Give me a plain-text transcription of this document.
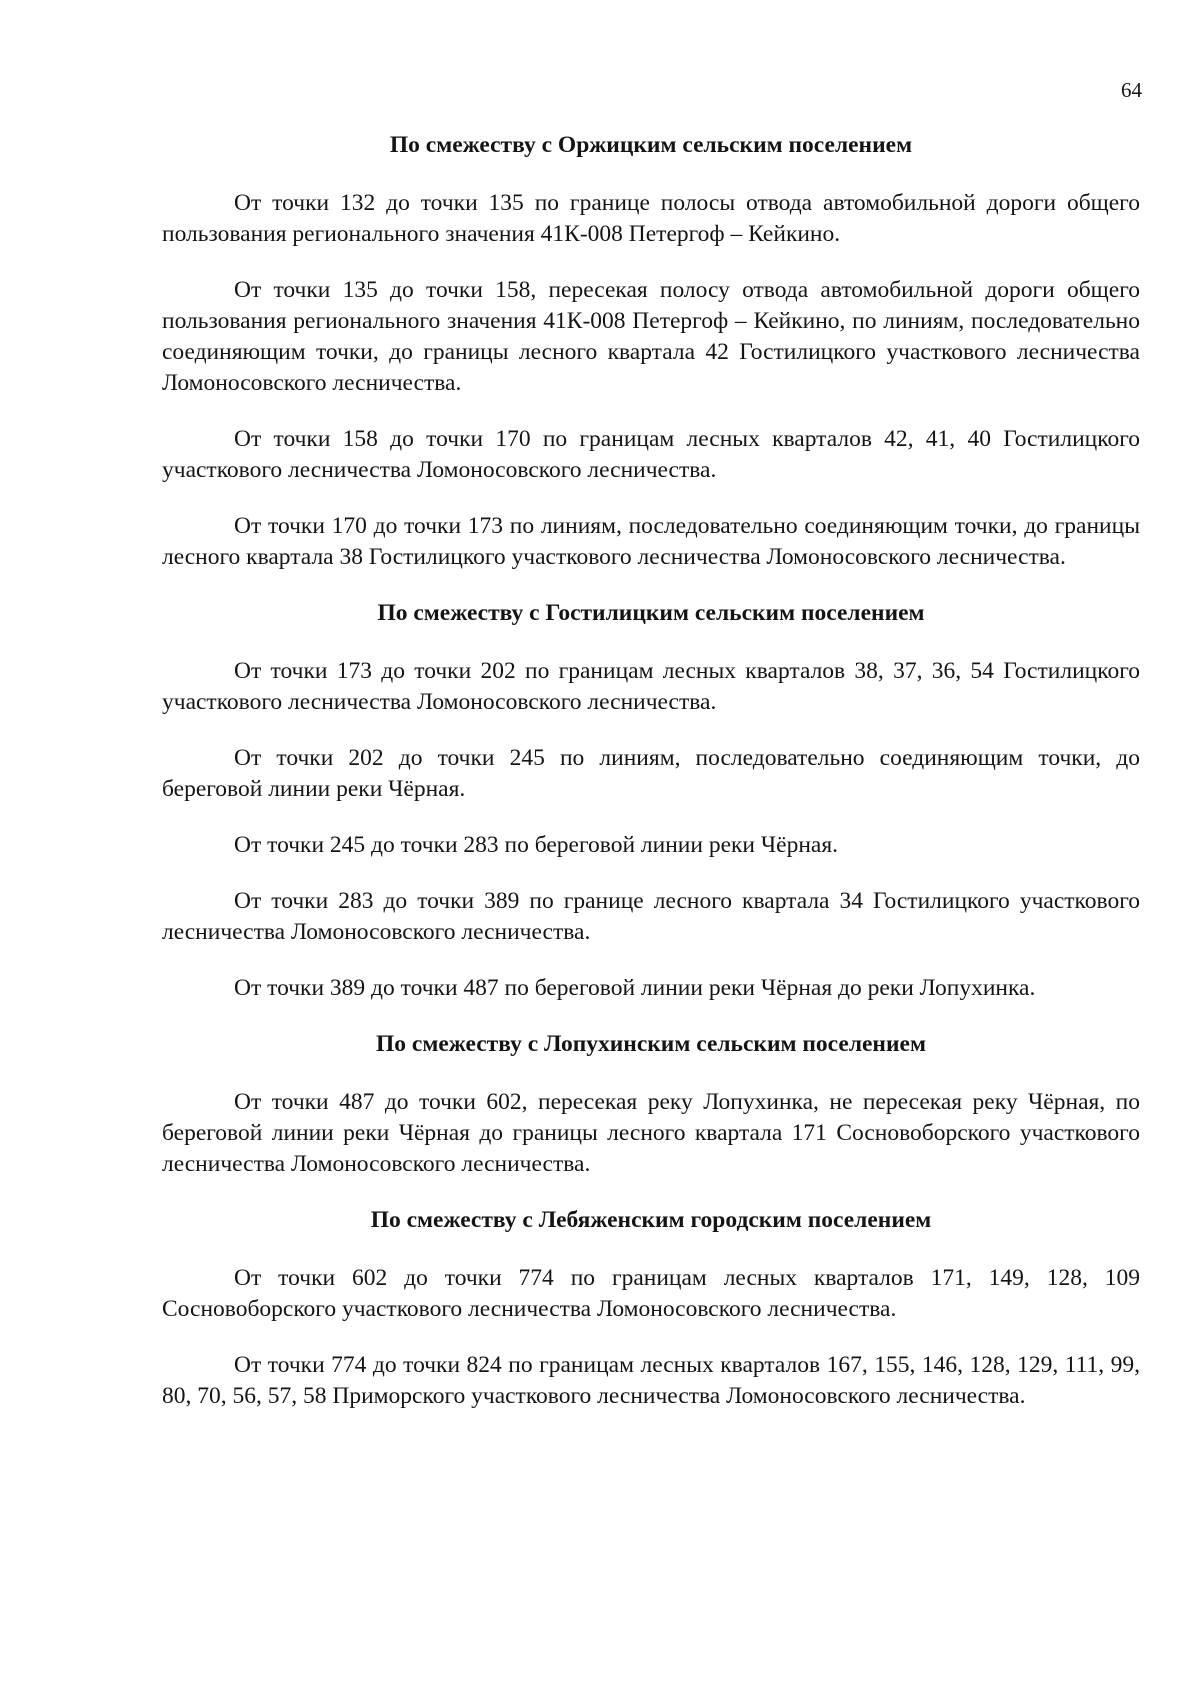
64
По смежеству с Оржицким сельским поселением

От точки 132 до точки 135 по границе полосы отвода автомобильной дороги общего пользования регионального значения 41К-008 Петергоф – Кейкино.

От точки 135 до точки 158, пересекая полосу отвода автомобильной дороги общего пользования регионального значения 41К-008 Петергоф – Кейкино, по линиям, последовательно соединяющим точки, до границы лесного квартала 42 Гостилицкого участкового лесничества Ломоносовского лесничества.

От точки 158 до точки 170 по границам лесных кварталов 42, 41, 40 Гостилицкого участкового лесничества Ломоносовского лесничества.

От точки 170 до точки 173 по линиям, последовательно соединяющим точки, до границы лесного квартала 38 Гостилицкого участкового лесничества Ломоносовского лесничества.

По смежеству с Гостилицким сельским поселением

От точки 173 до точки 202 по границам лесных кварталов 38, 37, 36, 54 Гостилицкого участкового лесничества Ломоносовского лесничества.

От точки 202 до точки 245 по линиям, последовательно соединяющим точки, до береговой линии реки Чёрная.

От точки 245 до точки 283 по береговой линии реки Чёрная.

От точки 283 до точки 389 по границе лесного квартала 34 Гостилицкого участкового лесничества Ломоносовского лесничества.

От точки 389 до точки 487 по береговой линии реки Чёрная до реки Лопухинка.

По смежеству с Лопухинским сельским поселением

От точки 487 до точки 602, пересекая реку Лопухинка, не пересекая реку Чёрная, по береговой линии реки Чёрная до границы лесного квартала 171 Сосновоборского участкового лесничества Ломоносовского лесничества.

По смежеству с Лебяженским городским поселением

От точки 602 до точки 774 по границам лесных кварталов 171, 149, 128, 109 Сосновоборского участкового лесничества Ломоносовского лесничества.

От точки 774 до точки 824 по границам лесных кварталов 167, 155, 146, 128, 129, 111, 99, 80, 70, 56, 57, 58 Приморского участкового лесничества Ломоносовского лесничества.
